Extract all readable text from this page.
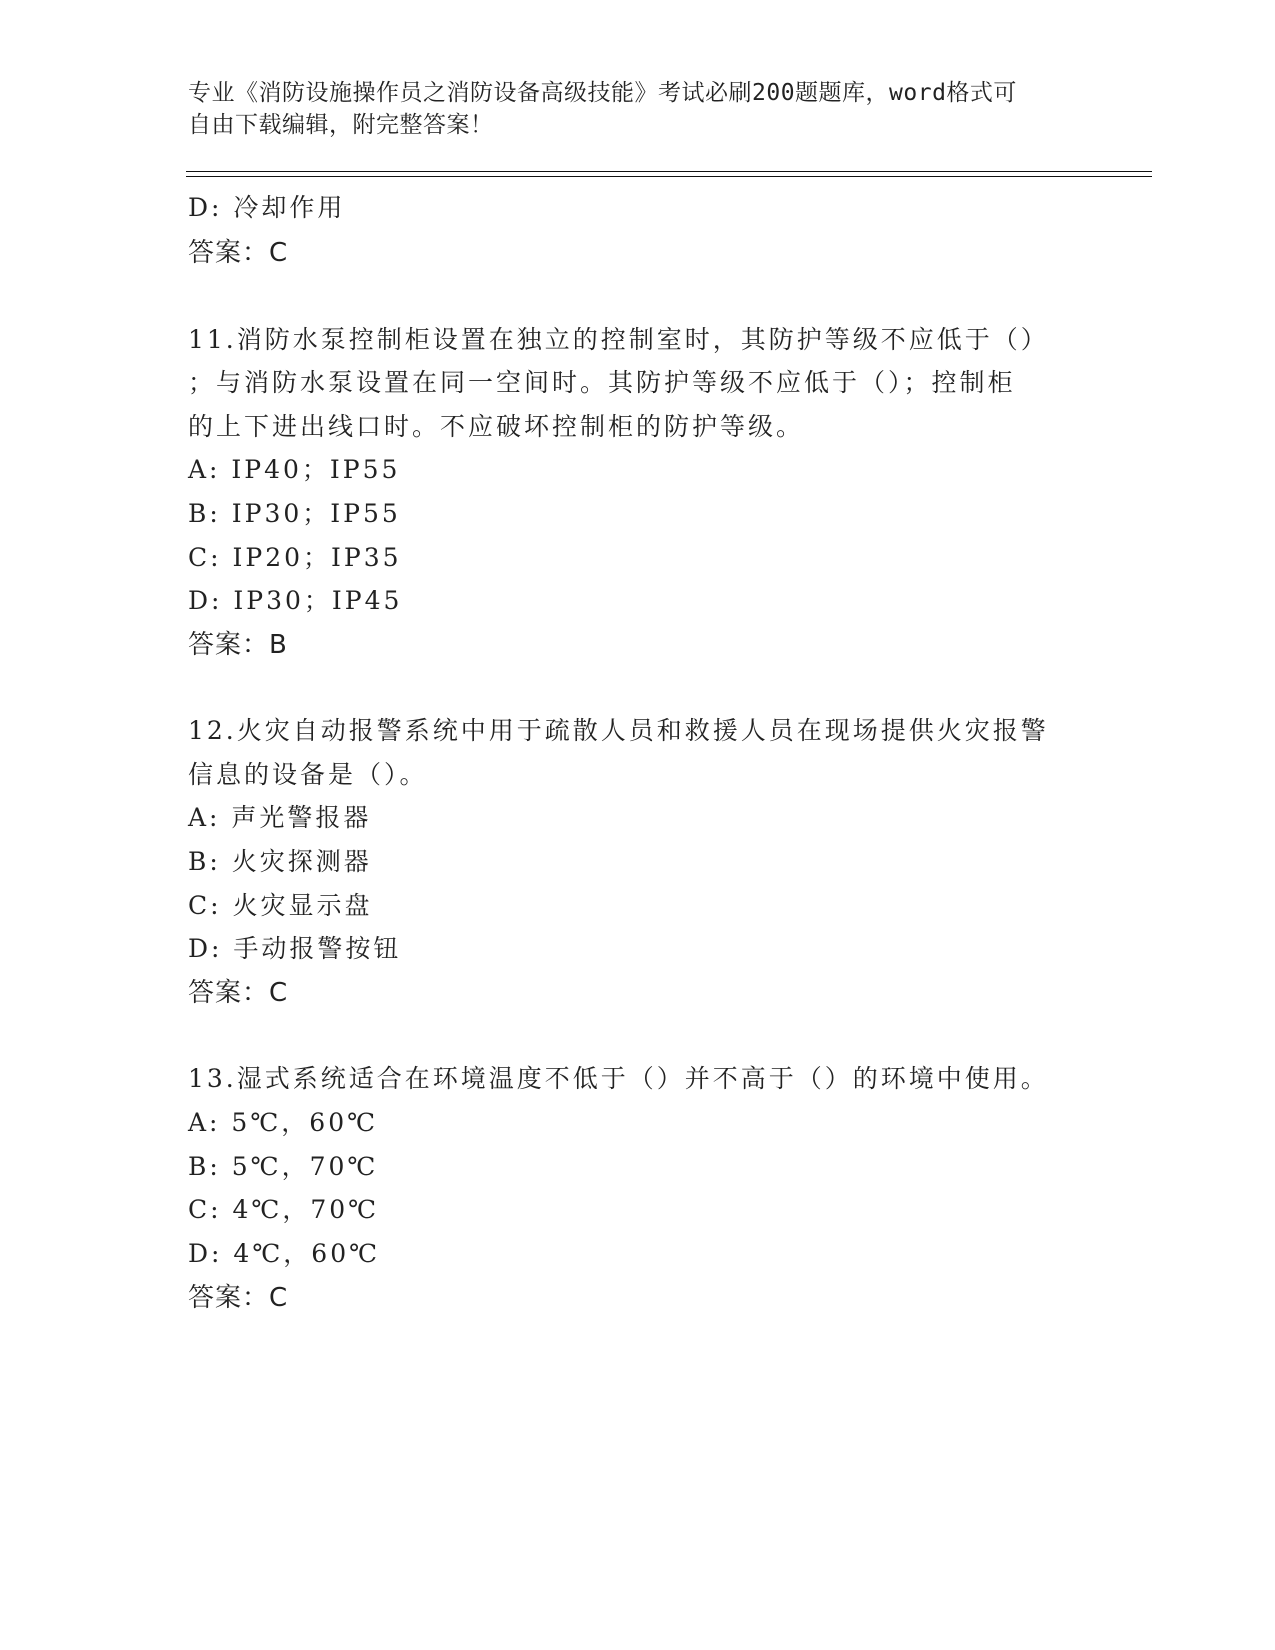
专业《消防设施操作员之消防设备高级技能》考试必刷200题题库，word格式可
自由下载编辑，附完整答案！
D: 冷却作用
答案：C
11.消防水泵控制柜设置在独立的控制室时，其防护等级不应低于（）
；与消防水泵设置在同一空间时。其防护等级不应低于（）；控制柜
的上下进出线口时。不应破坏控制柜的防护等级。
A: IP40；IP55
B: IP30；IP55
C: IP20；IP35
D: IP30；IP45
答案：B
12.火灾自动报警系统中用于疏散人员和救援人员在现场提供火灾报警
信息的设备是（）。
A: 声光警报器
B: 火灾探测器
C: 火灾显示盘
D: 手动报警按钮
答案：C
13.湿式系统适合在环境温度不低于（）并不高于（）的环境中使用。
A: 5℃，60℃
B: 5℃，70℃
C: 4℃，70℃
D: 4℃，60℃
答案：C
